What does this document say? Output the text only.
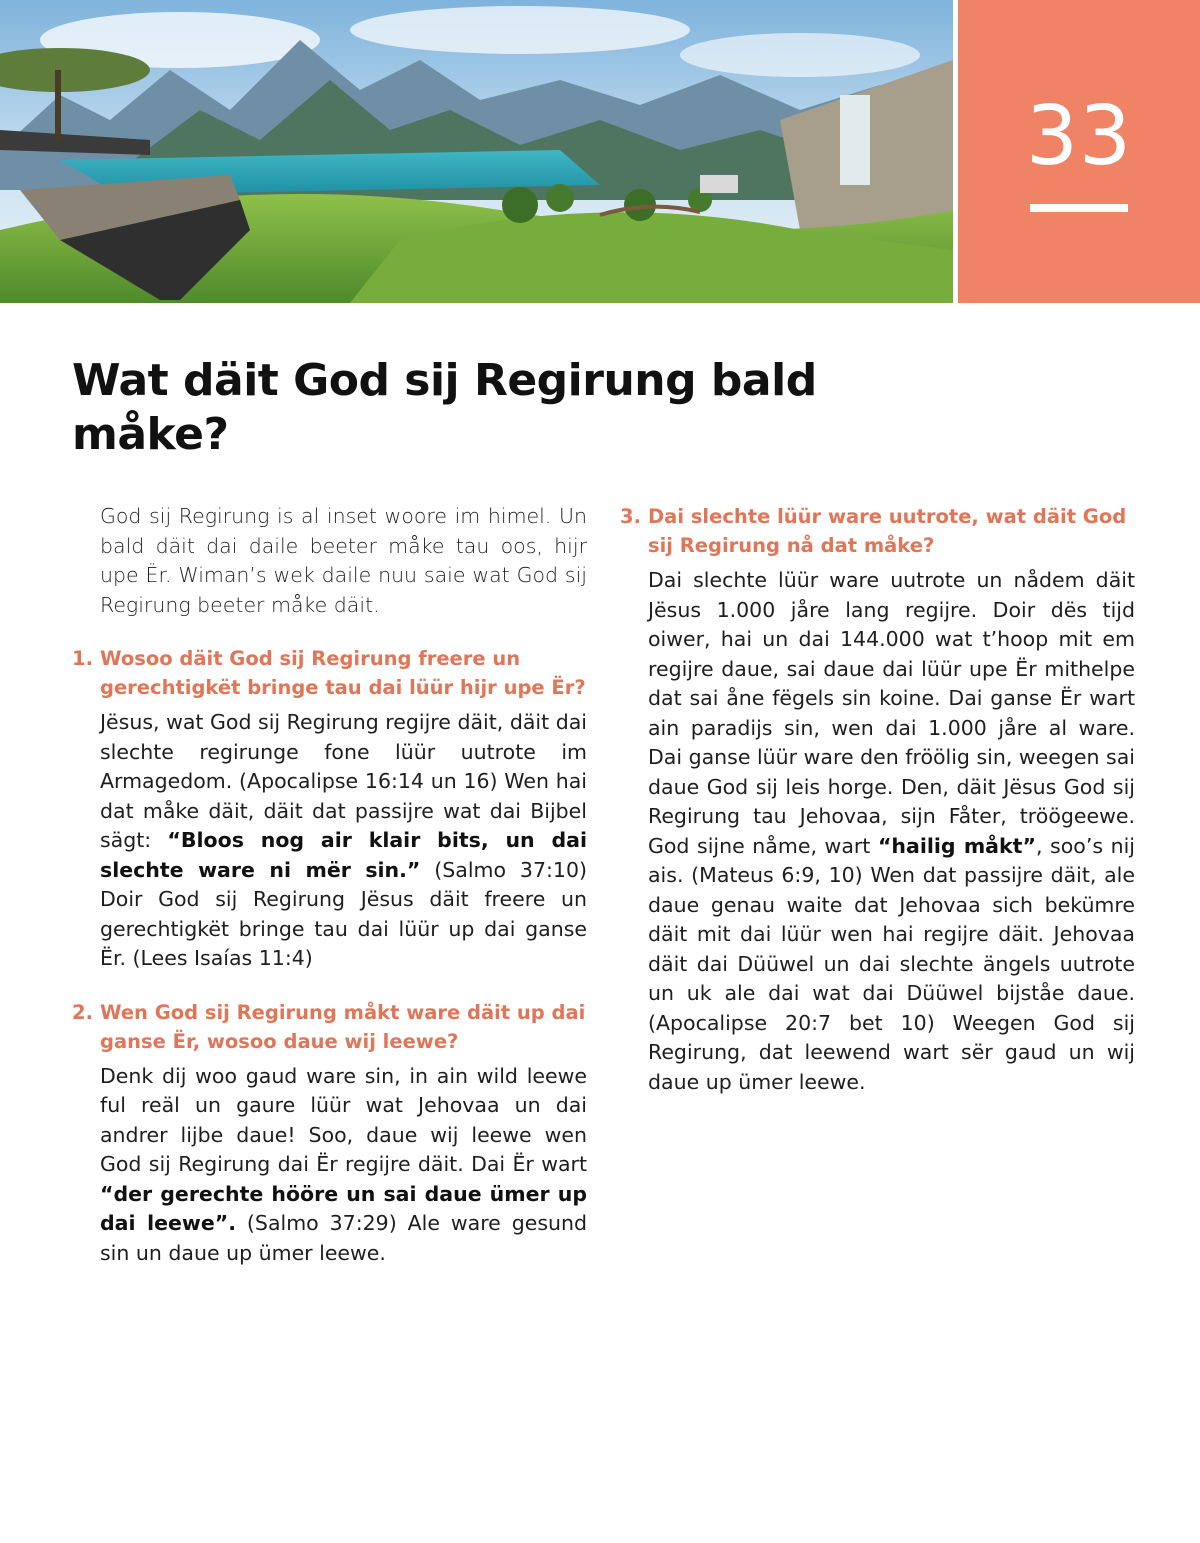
33
Wat däit God sij Regirung bald måke?

God sij Regirung is al inset woore im himel. Un bald däit dai daile beeter måke tau oos, hijr upe Ër. Wiman’s wek daile nuu saie wat God sij Regirung beeter måke däit.

1. Wosoo däit God sij Regirung freere un gerechtigkët bringe tau dai lüür hijr upe Ër?

Jësus, wat God sij Regirung regijre däit, däit dai slechte regirunge fone lüür uutrote im Armagedom. (Apocalipse 16:14 un 16) Wen hai dat måke däit, däit dat passijre wat dai Bijbel sägt: “Bloos nog air klair bits, un dai slechte ware ni mër sin.” (Salmo 37:10) Doir God sij Regirung Jësus däit freere un gerechtigkët bringe tau dai lüür up dai ganse Ër. (Lees Isaías 11:4)

2. Wen God sij Regirung måkt ware däit up dai ganse Ër, wosoo daue wij leewe?

Denk dij woo gaud ware sin, in ain wild leewe ful reäl un gaure lüür wat Jehovaa un dai andrer lijbe daue! Soo, daue wij leewe wen God sij Regirung dai Ër regijre däit. Dai Ër wart “der gerechte hööre un sai daue ümer up dai leewe”. (Salmo 37:29) Ale ware gesund sin un daue up ümer leewe.

3. Dai slechte lüür ware uutrote, wat däit God sij Regirung nå dat måke?

Dai slechte lüür ware uutrote un nådem däit Jësus 1.000 jåre lang regijre. Doir dës tijd oiwer, hai un dai 144.000 wat t’hoop mit em regijre daue, sai daue dai lüür upe Ër mithelpe dat sai åne fëgels sin koine. Dai ganse Ër wart ain paradijs sin, wen dai 1.000 jåre al ware. Dai ganse lüür ware den fröölig sin, weegen sai daue God sij leis horge. Den, däit Jësus God sij Regirung tau Jehovaa, sijn Fåter, tröögeewe. God sijne nåme, wart “hailig måkt”, soo’s nij ais. (Mateus 6:9, 10) Wen dat passijre däit, ale daue genau waite dat Jehovaa sich bekümre däit mit dai lüür wen hai regijre däit. Jehovaa däit dai Düüwel un dai slechte ängels uutrote un uk ale dai wat dai Düüwel bijståe daue. (Apocalipse 20:7 bet 10) Weegen God sij Regirung, dat leewend wart sër gaud un wij daue up ümer leewe.
